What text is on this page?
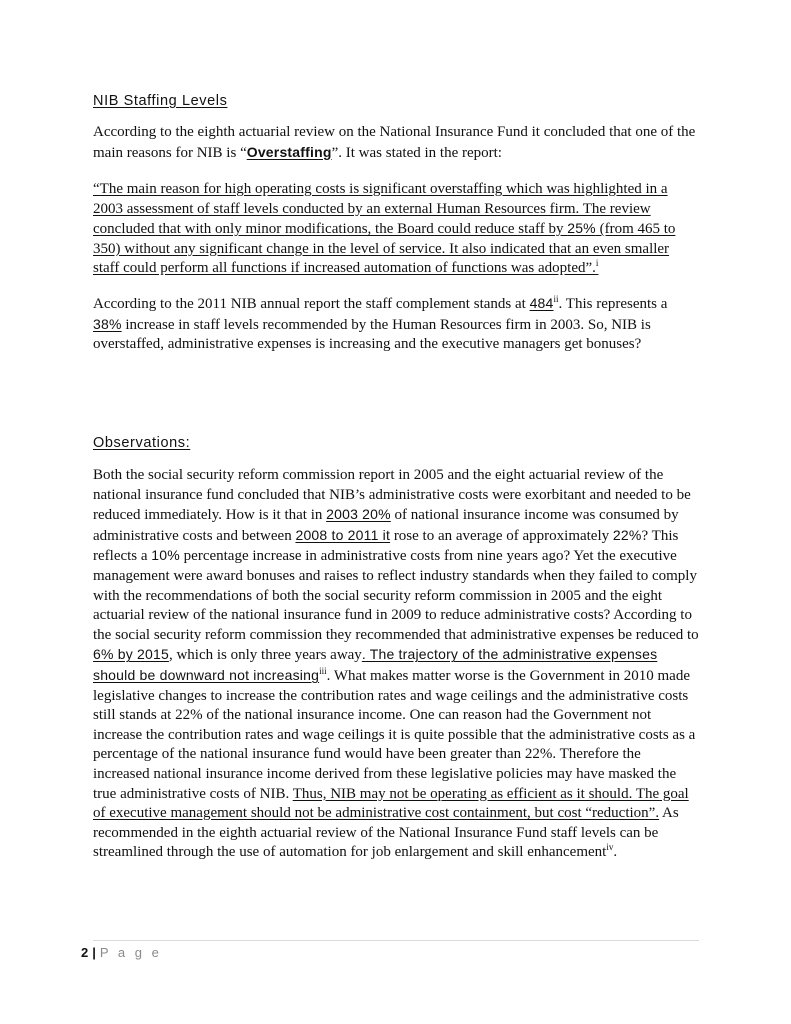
NIB Staffing Levels

According to the eighth actuarial review on the National Insurance Fund it concluded that one of the main reasons for NIB is “Overstaffing”. It was stated in the report:

“The main reason for high operating costs is significant overstaffing which was highlighted in a 2003 assessment of staff levels conducted by an external Human Resources firm. The review concluded that with only minor modifications, the Board could reduce staff by 25% (from 465 to 350) without any significant change in the level of service. It also indicated that an even smaller staff could perform all functions if increased automation of functions was adopted”.$^i$

According to the 2011 NIB annual report the staff complement stands at 484$^{ii}$. This represents a 38% increase in staff levels recommended by the Human Resources firm in 2003. So, NIB is overstaffed, administrative expenses is increasing and the executive managers get bonuses?

Observations:

Both the social security reform commission report in 2005 and the eight actuarial review of the national insurance fund concluded that NIB’s administrative costs were exorbitant and needed to be reduced immediately. How is it that in 2003 20% of national insurance income was consumed by administrative costs and between 2008 to 2011 it rose to an average of approximately 22%? This reflects a 10% percentage increase in administrative costs from nine years ago? Yet the executive management were award bonuses and raises to reflect industry standards when they failed to comply with the recommendations of both the social security reform commission in 2005 and the eight actuarial review of the national insurance fund in 2009 to reduce administrative costs? According to the social security reform commission they recommended that administrative expenses be reduced to 6% by 2015, which is only three years away. The trajectory of the administrative expenses should be downward not increasing$^{iii}$. What makes matter worse is the Government in 2010 made legislative changes to increase the contribution rates and wage ceilings and the administrative costs still stands at 22% of the national insurance income. One can reason had the Government not increase the contribution rates and wage ceilings it is quite possible that the administrative costs as a percentage of the national insurance fund would have been greater than 22%. Therefore the increased national insurance income derived from these legislative policies may have masked the true administrative costs of NIB. Thus, NIB may not be operating as efficient as it should. The goal of executive management should not be administrative cost containment, but cost “reduction”. As recommended in the eighth actuarial review of the National Insurance Fund staff levels can be streamlined through the use of automation for job enlargement and skill enhancement$^{iv}$.

2 | P a g e
